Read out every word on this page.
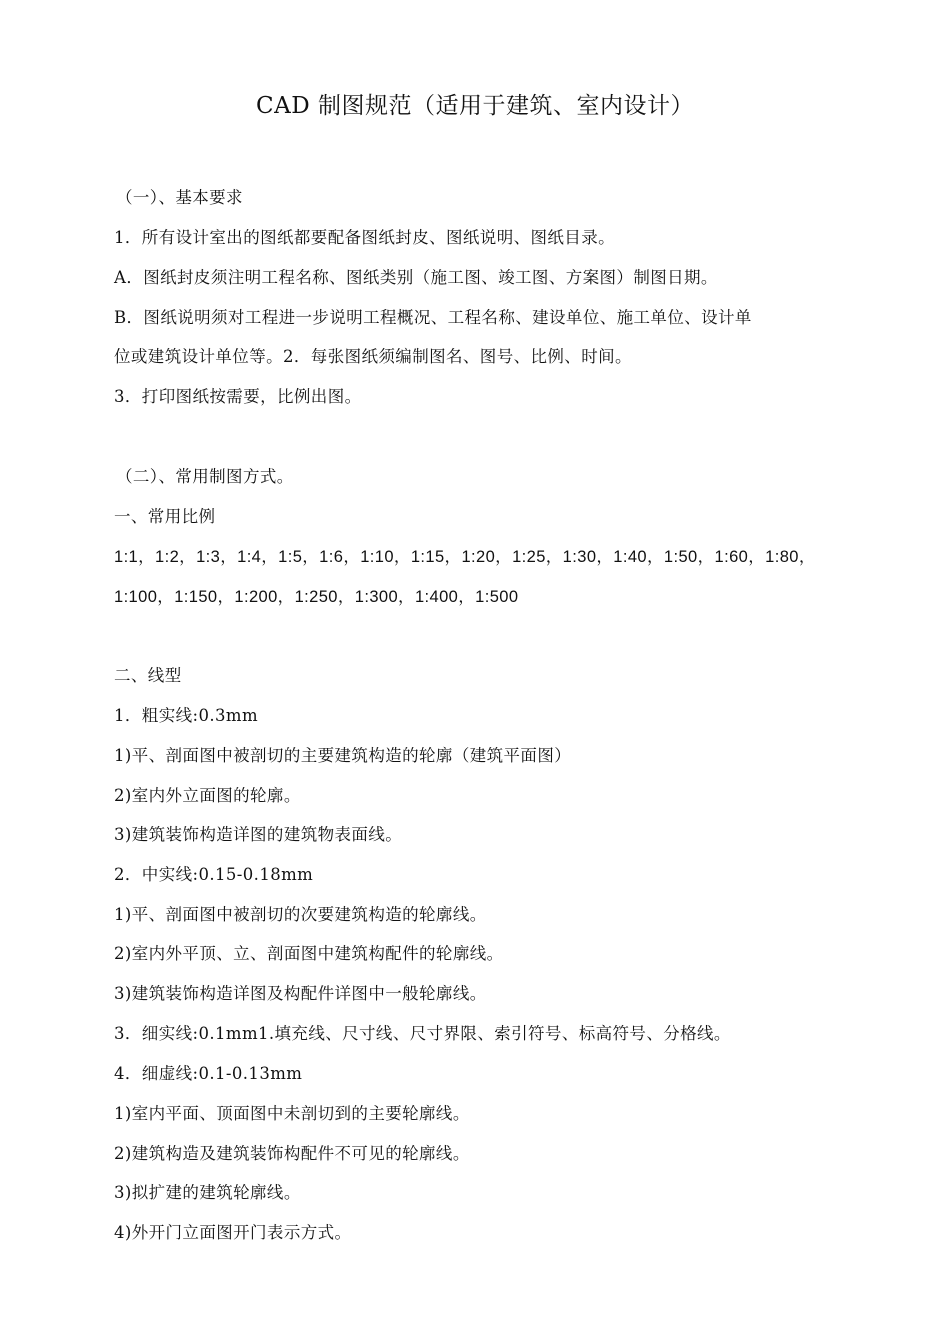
CAD 制图规范（适用于建筑、室内设计）
（一）、基本要求
1．所有设计室出的图纸都要配备图纸封皮、图纸说明、图纸目录。
A．图纸封皮须注明工程名称、图纸类别（施工图、竣工图、方案图）制图日期。
B．图纸说明须对工程进一步说明工程概况、工程名称、建设单位、施工单位、设计单
位或建筑设计单位等。2．每张图纸须编制图名、图号、比例、时间。
3．打印图纸按需要，比例出图。
（二）、常用制图方式。
一、常用比例
1:1，1:2，1:3，1:4，1:5，1:6，1:10，1:15，1:20，1:25，1:30，1:40，1:50，1:60，1:80，
1:100，1:150，1:200，1:250，1:300，1:400，1:500
二、线型
1．粗实线:0.3mm
1)平、剖面图中被剖切的主要建筑构造的轮廓（建筑平面图）
2)室内外立面图的轮廓。
3)建筑装饰构造详图的建筑物表面线。
2．中实线:0.15-0.18mm
1)平、剖面图中被剖切的次要建筑构造的轮廓线。
2)室内外平顶、立、剖面图中建筑构配件的轮廓线。
3)建筑装饰构造详图及构配件详图中一般轮廓线。
3．细实线:0.1mm1.填充线、尺寸线、尺寸界限、索引符号、标高符号、分格线。
4．细虚线:0.1-0.13mm
1)室内平面、顶面图中未剖切到的主要轮廓线。
2)建筑构造及建筑装饰构配件不可见的轮廓线。
3)拟扩建的建筑轮廓线。
4)外开门立面图开门表示方式。
